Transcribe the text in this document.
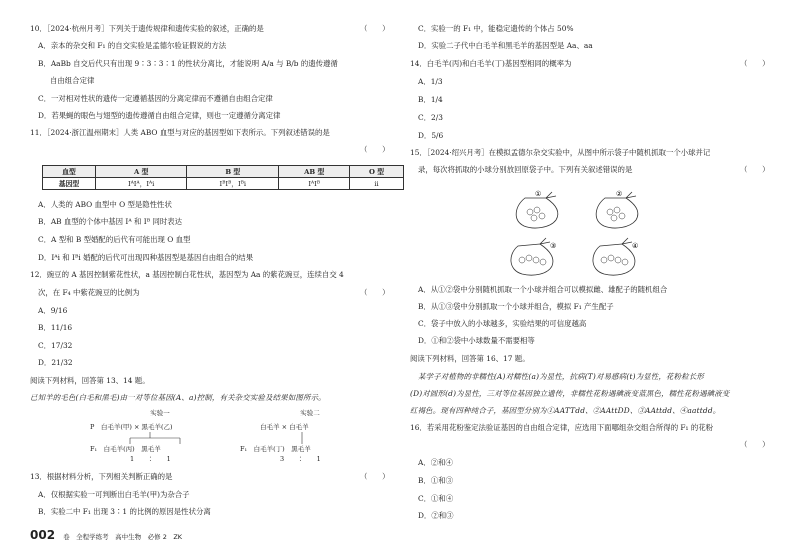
10．［2024·杭州月考］下列关于遗传规律和遗传实验的叙述，正确的是	（　　）
A．亲本的杂交和 F₁ 的自交实验是孟德尔验证假说的方法
B．AaBb 自交后代只有出现 9∶3∶3∶1 的性状分离比，才能说明 A/a 与 B/b 的遗传遵循
自由组合定律
C．一对相对性状的遗传一定遵循基因的分离定律而不遵循自由组合定律
D．若果蝇的眼色与翅型的遗传遵循自由组合定律，则也一定遵循分离定律
11．［2024·浙江温州期末］人类 ABO 血型与对应的基因型如下表所示。下列叙述错误的是
（　　）
血型	A 型	B 型	AB 型	O 型
基因型	IᴬIᴬ，Iᴬi	IᴮIᴮ，Iᴮi	IᴬIᴮ	ii
A．人类的 ABO 血型中 O 型是隐性性状
B．AB 血型的个体中基因 Iᴬ 和 Iᴮ 同时表达
C．A 型和 B 型婚配的后代有可能出现 O 血型
D．Iᴬi 和 Iᴮi 婚配的后代可出现四种基因型是基因自由组合的结果
12．豌豆的 A 基因控制紫花性状，a 基因控制白花性状，基因型为 Aa 的紫花豌豆，连续自交 4
次，在 F₄ 中紫花豌豆的比例为	（　　）
A．9/16
B．11/16
C．17/32
D．21/32
阅读下列材料，回答第 13、14 题。
已知羊的毛色(白毛和黑毛)由一对等位基因(A、a)控制，有关杂交实验及结果如图所示。
实验一
P　白毛羊(甲) × 黑毛羊(乙)
F₁　白毛羊(丙)　黑毛羊
1　　∶　　1
实验二
白毛羊 × 白毛羊
F₁　白毛羊(丁)　黑毛羊
3　　∶　　1
13．根据材料分析，下列相关判断正确的是	（　　）
A．仅根据实验一可判断出白毛羊(甲)为杂合子
B．实验二中 F₁ 出现 3∶1 的比例的原因是性状分离
002 卷　全程学练考　高中生物　必修 2　ZK
C．实验一的 F₁ 中，能稳定遗传的个体占 50%
D．实验二子代中白毛羊和黑毛羊的基因型是 Aa、aa
14．白毛羊(丙)和白毛羊(丁)基因型相同的概率为	（　　）
A．1/3
B．1/4
C．2/3
D．5/6
15．［2024·绍兴月考］在模拟孟德尔杂交实验中，从图中所示袋子中随机抓取一个小球并记
录，每次将抓取的小球分别放回原袋子中。下列有关叙述错误的是	（　　）
A．从①②袋中分别随机抓取一个小球并组合可以模拟雌、雄配子的随机组合
B．从①③袋中分别抓取一个小球并组合，模拟 F₁ 产生配子
C．袋子中放入的小球越多，实验结果的可信度越高
D．①和②袋中小球数量不需要相等
阅读下列材料，回答第 16、17 题。
某学子对植物的非糯性(A)对糯性(a)为显性，抗病(T)对易感病(t)为显性，花粉粒长形
(D)对圆形(d)为显性，三对等位基因独立遗传，非糯性花粉遇碘液变蓝黑色，糯性花粉遇碘液变
红褐色。现有四种纯合子，基因型分别为①AATTdd、②AAttDD、③AAttdd、④aattdd。
16．若采用花粉鉴定法验证基因的自由组合定律，应选用下面哪组杂交组合所得的 F₁ 的花粉
（　　）
A．②和④
B．①和③
C．①和④
D．②和③
①	②
③	④
